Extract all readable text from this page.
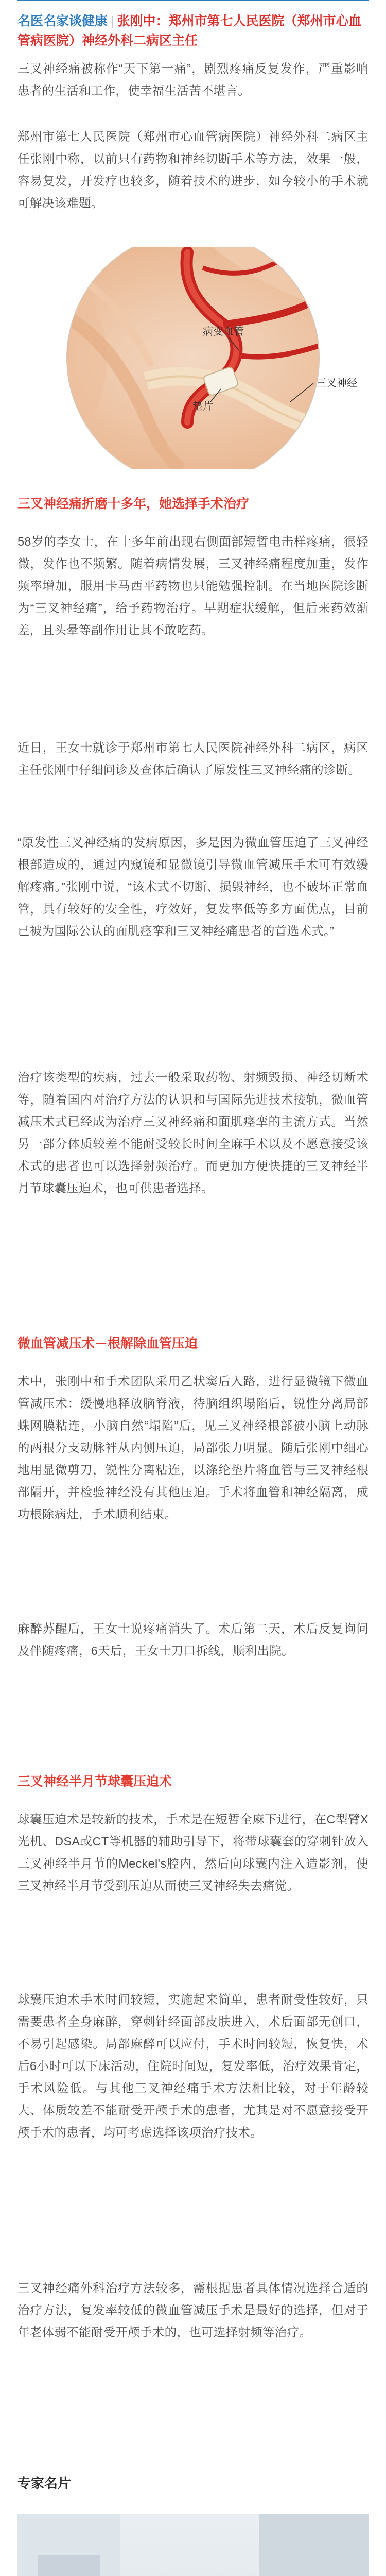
名医名家谈健康 | 张刚中：郑州市第七人民医院（郑州市心血管病医院）神经外科二病区主任
三叉神经痛被称作“天下第一痛”，剧烈疼痛反复发作，严重影响患者的生活和工作，使幸福生活苦不堪言。
郑州市第七人民医院（郑州市心血管病医院）神经外科二病区主任张刚中称，以前只有药物和神经切断手术等方法，效果一般，容易复发，开发疗也较多，随着技术的进步，如今较小的手术就可解决该难题。
病变血管
三叉神经
垫片
三叉神经痛折磨十多年，她选择手术治疗
58岁的李女士，在十多年前出现右侧面部短暂电击样疼痛，很轻微，发作也不频繁。随着病情发展，三叉神经痛程度加重，发作频率增加，服用卡马西平药物也只能勉强控制。在当地医院诊断为“三叉神经痛”，给予药物治疗。早期症状缓解，但后来药效渐差，且头晕等副作用让其不敢吃药。
近日，王女士就诊于郑州市第七人民医院神经外科二病区，病区主任张刚中仔细问诊及查体后确认了原发性三叉神经痛的诊断。
“原发性三叉神经痛的发病原因，多是因为微血管压迫了三叉神经根部造成的，通过内窥镜和显微镜引导微血管减压手术可有效缓解疼痛。”张刚中说，“该术式不切断、损毁神经，也不破坏正常血管，具有较好的安全性，疗效好，复发率低等多方面优点，目前已被为国际公认的面肌痉挛和三叉神经痛患者的首选术式。”
治疗该类型的疾病，过去一般采取药物、射频毁损、神经切断术等，随着国内对治疗方法的认识和与国际先进技术接轨，微血管减压术式已经成为治疗三叉神经痛和面肌痉挛的主流方式。当然另一部分体质较差不能耐受较长时间全麻手术以及不愿意接受该术式的患者也可以选择射频治疗。而更加方便快捷的三叉神经半月节球囊压迫术，也可供患者选择。
微血管减压术－根解除血管压迫
术中，张刚中和手术团队采用乙状窦后入路，进行显微镜下微血管减压术：缓慢地释放脑脊液，待脑组织塌陷后，锐性分离局部蛛网膜粘连，小脑自然“塌陷”后，见三叉神经根部被小脑上动脉的两根分支动脉袢从内侧压迫，局部张力明显。随后张刚中细心地用显微剪刀，锐性分离粘连，以涤纶垫片将血管与三叉神经根部隔开，并检验神经没有其他压迫。手术将血管和神经隔离，成功根除病灶，手术顺利结束。
麻醉苏醒后，王女士说疼痛消失了。术后第二天，术后反复询问及伴随疼痛，6天后，王女士刀口拆线，顺利出院。
三叉神经半月节球囊压迫术
球囊压迫术是较新的技术，手术是在短暂全麻下进行，在C型臂X光机、DSA或CT等机器的辅助引导下，将带球囊套的穿刺针放入三叉神经半月节的Meckel's腔内，然后向球囊内注入造影剂，使三叉神经半月节受到压迫从而使三叉神经失去痛觉。
球囊压迫术手术时间较短，实施起来简单，患者耐受性较好，只需要患者全身麻醉，穿刺针经面部皮肤进入，术后面部无创口，不易引起感染。局部麻醉可以应付，手术时间较短，恢复快，术后6小时可以下床活动，住院时间短，复发率低，治疗效果肯定，手术风险低。与其他三叉神经痛手术方法相比较，对于年龄较大、体质较差不能耐受开颅手术的患者，尤其是对不愿意接受开颅手术的患者，均可考虑选择该项治疗技术。
三叉神经痛外科治疗方法较多，需根据患者具体情况选择合适的治疗方法，复发率较低的微血管减压手术是最好的选择，但对于年老体弱不能耐受开颅手术的，也可选择射频等治疗。
专家名片
